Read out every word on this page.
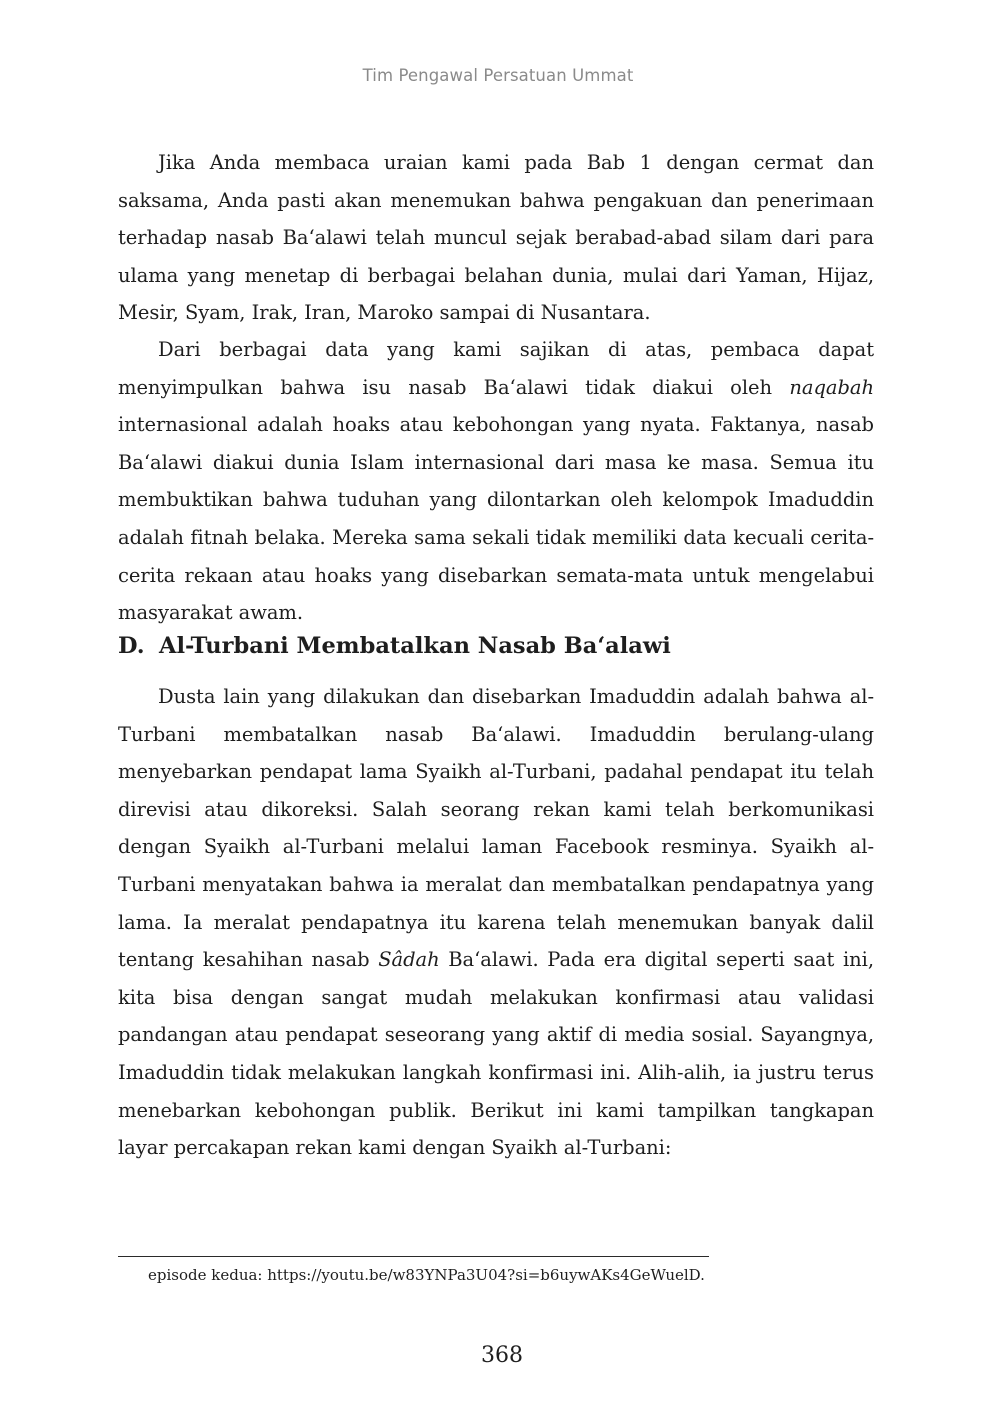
Tim Pengawal Persatuan Ummat

Jika Anda membaca uraian kami pada Bab 1 dengan cermat dan saksama, Anda pasti akan menemukan bahwa pengakuan dan penerimaan terhadap nasab Ba‘alawi telah muncul sejak berabad-abad silam dari para ulama yang menetap di berbagai belahan dunia, mulai dari Yaman, Hijaz, Mesir, Syam, Irak, Iran, Maroko sampai di Nusantara.

Dari berbagai data yang kami sajikan di atas, pembaca dapat menyimpulkan bahwa isu nasab Ba‘alawi tidak diakui oleh naqabah internasional adalah hoaks atau kebohongan yang nyata. Faktanya, nasab Ba‘alawi diakui dunia Islam internasional dari masa ke masa. Semua itu membuktikan bahwa tuduhan yang dilontarkan oleh kelompok Imaduddin adalah fitnah belaka. Mereka sama sekali tidak memiliki data kecuali cerita-cerita rekaan atau hoaks yang disebarkan semata-mata untuk mengelabui masyarakat awam.

D. Al-Turbani Membatalkan Nasab Ba‘alawi

Dusta lain yang dilakukan dan disebarkan Imaduddin adalah bahwa al-Turbani membatalkan nasab Ba‘alawi. Imaduddin berulang-ulang menyebarkan pendapat lama Syaikh al-Turbani, padahal pendapat itu telah direvisi atau dikoreksi. Salah seorang rekan kami telah berkomunikasi dengan Syaikh al-Turbani melalui laman Facebook resminya. Syaikh al-Turbani menyatakan bahwa ia meralat dan membatalkan pendapatnya yang lama. Ia meralat pendapatnya itu karena telah menemukan banyak dalil tentang kesahihan nasab Sâdah Ba‘alawi. Pada era digital seperti saat ini, kita bisa dengan sangat mudah melakukan konfirmasi atau validasi pandangan atau pendapat seseorang yang aktif di media sosial. Sayangnya, Imaduddin tidak melakukan langkah konfirmasi ini. Alih-alih, ia justru terus menebarkan kebohongan publik. Berikut ini kami tampilkan tangkapan layar percakapan rekan kami dengan Syaikh al-Turbani:

episode kedua: https://youtu.be/w83YNPa3U04?si=b6uywAKs4GeWuelD.

368
